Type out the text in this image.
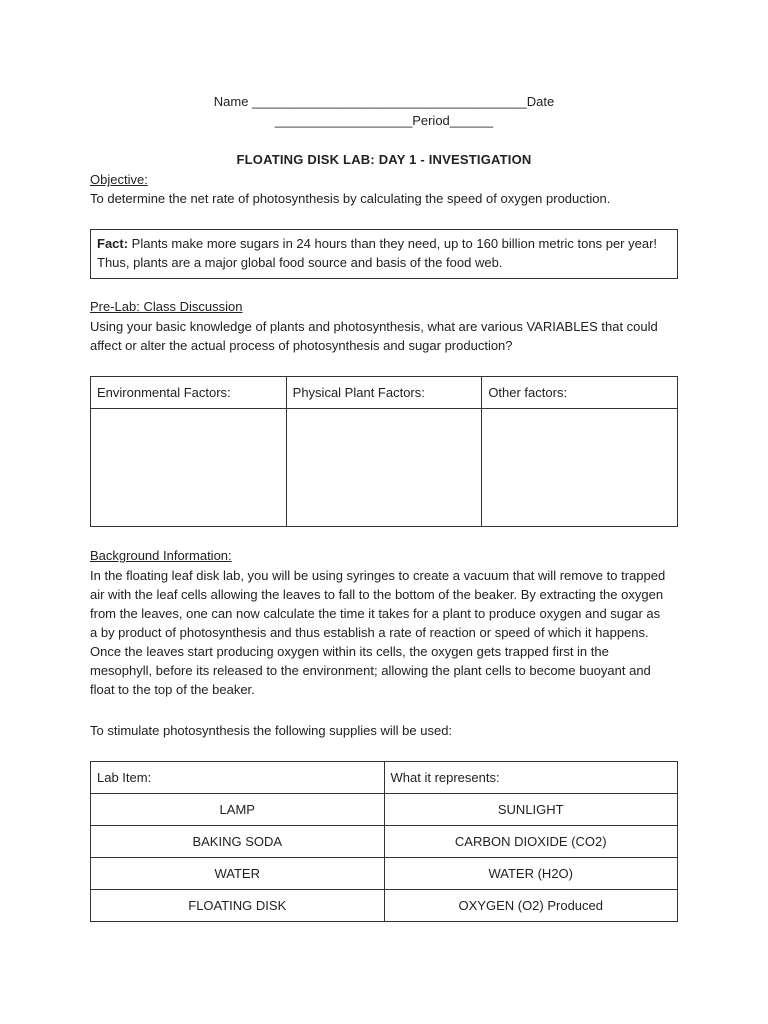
Name ______________________________________Date
___________________Period______
FLOATING DISK LAB: DAY 1 - INVESTIGATION
Objective:
To determine the net rate of photosynthesis by calculating the speed of oxygen production.
Fact: Plants make more sugars in 24 hours than they need, up to 160 billion metric tons per year! Thus, plants are a major global food source and basis of the food web.
Pre-Lab: Class Discussion
Using your basic knowledge of plants and photosynthesis, what are various VARIABLES that could affect or alter the actual process of photosynthesis and sugar production?
Environmental Factors:	Physical Plant Factors:	Other factors:

Background Information:
In the floating leaf disk lab, you will be using syringes to create a vacuum that will remove to trapped air with the leaf cells allowing the leaves to fall to the bottom of the beaker. By extracting the oxygen from the leaves, one can now calculate the time it takes for a plant to produce oxygen and sugar as a by product of photosynthesis and thus establish a rate of reaction or speed of which it happens. Once the leaves start producing oxygen within its cells, the oxygen gets trapped first in the mesophyll, before its released to the environment; allowing the plant cells to become buoyant and float to the top of the beaker.
To stimulate photosynthesis the following supplies will be used:
Lab Item:	What it represents:
LAMP	SUNLIGHT
BAKING SODA	CARBON DIOXIDE (CO2)
WATER	WATER (H2O)
FLOATING DISK	OXYGEN (O2) Produced
